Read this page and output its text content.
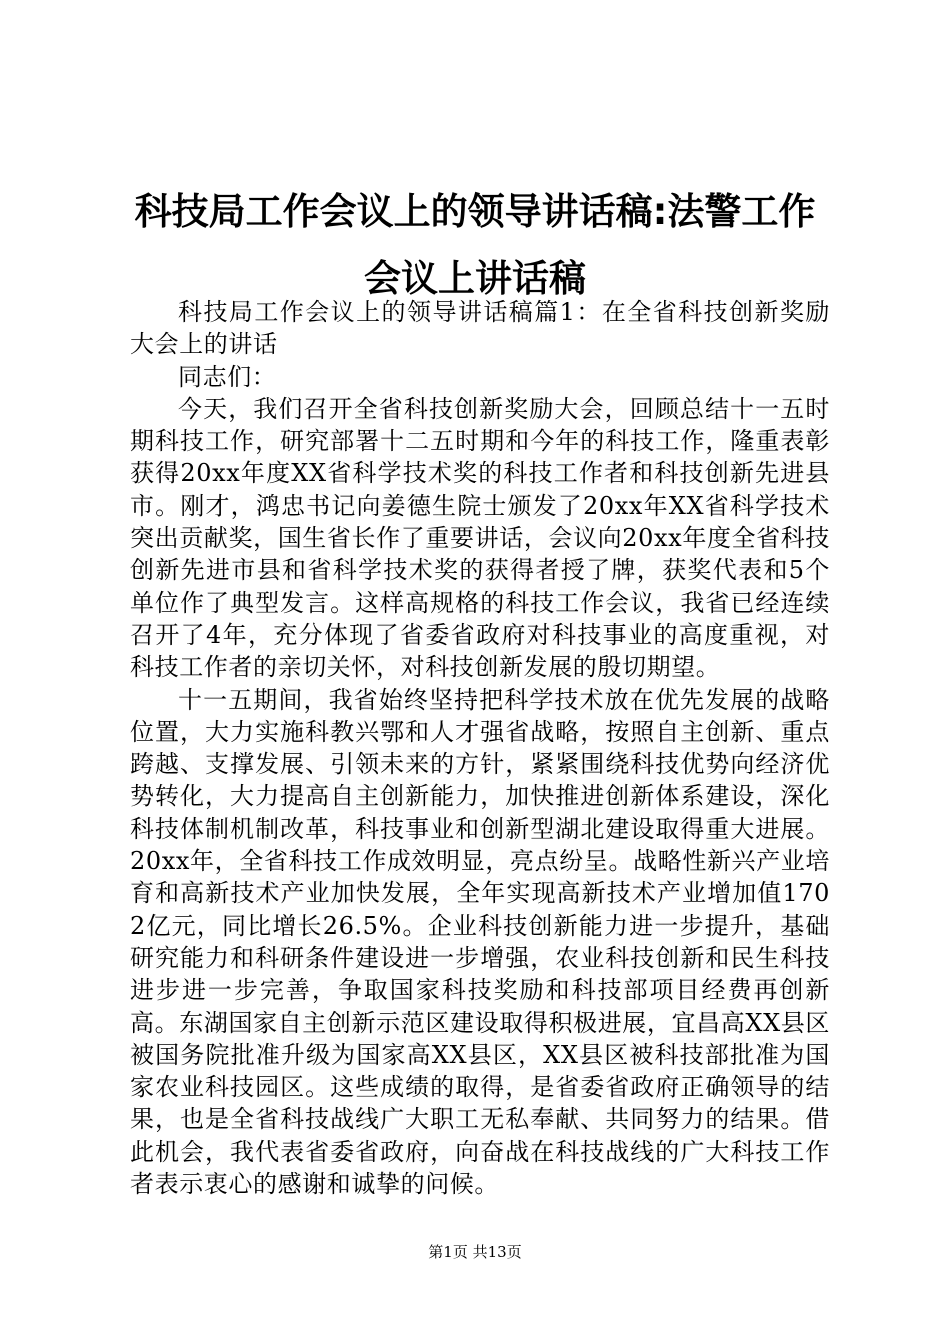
科技局工作会议上的领导讲话稿:法警工作会议上讲话稿

科技局工作会议上的领导讲话稿篇1：在全省科技创新奖励大会上的讲话

同志们：

今天，我们召开全省科技创新奖励大会，回顾总结十一五时期科技工作，研究部署十二五时期和今年的科技工作，隆重表彰获得20xx年度XX省科学技术奖的科技工作者和科技创新先进县市。刚才，鸿忠书记向姜德生院士颁发了20xx年XX省科学技术突出贡献奖，国生省长作了重要讲话，会议向20xx年度全省科技创新先进市县和省科学技术奖的获得者授了牌，获奖代表和5个单位作了典型发言。这样高规格的科技工作会议，我省已经连续召开了4年，充分体现了省委省政府对科技事业的高度重视，对科技工作者的亲切关怀，对科技创新发展的殷切期望。

十一五期间，我省始终坚持把科学技术放在优先发展的战略位置，大力实施科教兴鄂和人才强省战略，按照自主创新、重点跨越、支撑发展、引领未来的方针，紧紧围绕科技优势向经济优势转化，大力提高自主创新能力，加快推进创新体系建设，深化科技体制机制改革，科技事业和创新型湖北建设取得重大进展。20xx年，全省科技工作成效明显，亮点纷呈。战略性新兴产业培育和高新技术产业加快发展，全年实现高新技术产业增加值1702亿元，同比增长26.5%。企业科技创新能力进一步提升，基础研究能力和科研条件建设进一步增强，农业科技创新和民生科技进步进一步完善，争取国家科技奖励和科技部项目经费再创新高。东湖国家自主创新示范区建设取得积极进展，宜昌高XX县区被国务院批准升级为国家高XX县区，XX县区被科技部批准为国家农业科技园区。这些成绩的取得，是省委省政府正确领导的结果，也是全省科技战线广大职工无私奉献、共同努力的结果。借此机会，我代表省委省政府，向奋战在科技战线的广大科技工作者表示衷心的感谢和诚挚的问候。

第1页 共13页
